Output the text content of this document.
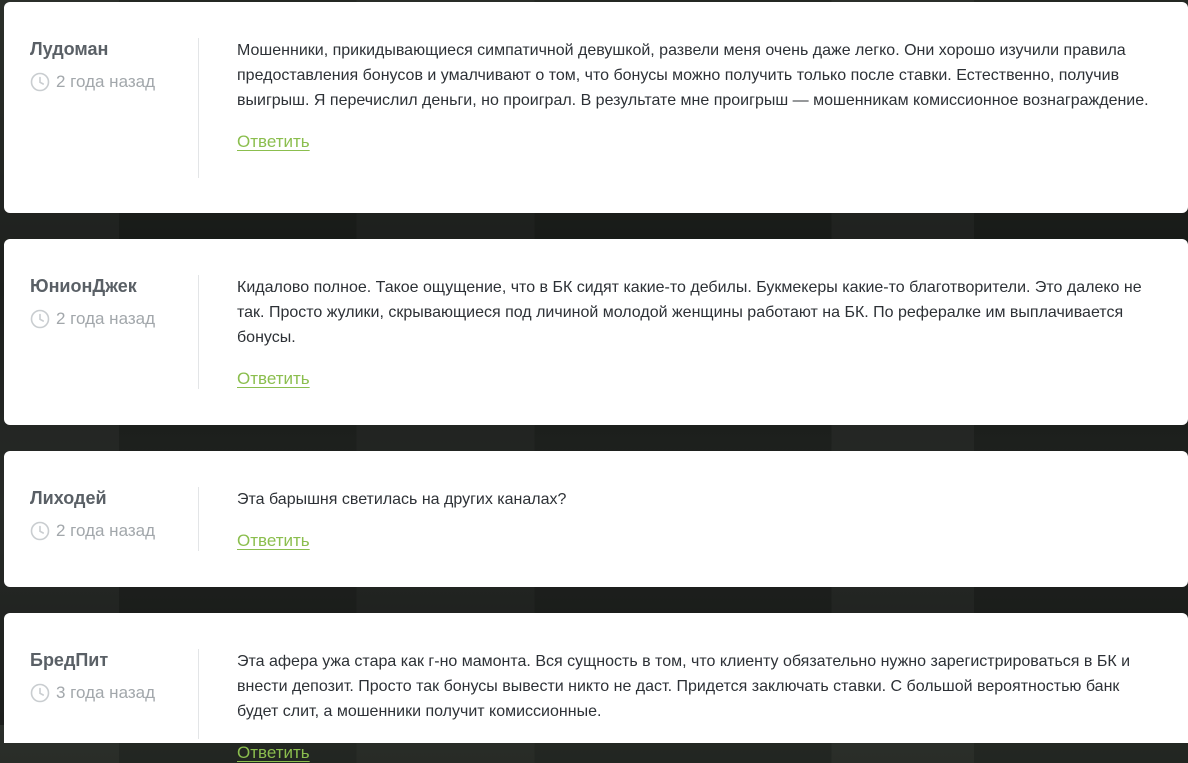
Лудоман

2 года назад

Мошенники, прикидывающиеся симпатичной девушкой, развели меня очень даже легко. Они хорошо изучили правила предоставления бонусов и умалчивают о том, что бонусы можно получить только после ставки. Естественно, получив выигрыш. Я перечислил деньги, но проиграл. В результате мне проигрыш — мошенникам комиссионное вознаграждение.

Ответить

ЮнионДжек

2 года назад

Кидалово полное. Такое ощущение, что в БК сидят какие-то дебилы. Букмекеры какие-то благотворители. Это далеко не так. Просто жулики, скрывающиеся под личиной молодой женщины работают на БК. По рефералке им выплачивается бонусы.

Ответить

Лиходей

2 года назад

Эта барышня светилась на других каналах?

Ответить

БредПит

3 года назад

Эта афера ужа стара как г-но мамонта. Вся сущность в том, что клиенту обязательно нужно зарегистрироваться в БК и внести депозит. Просто так бонусы вывести никто не даст. Придется заключать ставки. С большой вероятностью банк будет слит, а мошенники получит комиссионные.

Ответить
